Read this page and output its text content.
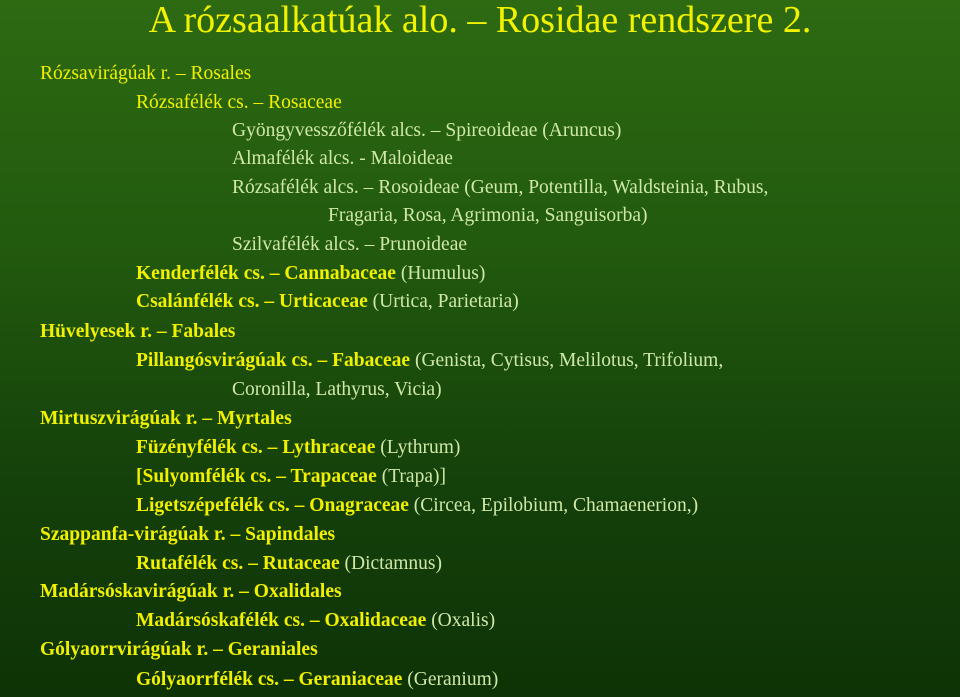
A rózsaalkatúak alo. – Rosidae rendszere 2.
Rózsavirágúak r. – Rosales
Rózsafélék cs. – Rosaceae
Gyöngyvesszőfélék alcs. – Spireoideae (Aruncus)
Almafélék alcs. - Maloideae
Rózsafélék alcs. – Rosoideae (Geum, Potentilla, Waldsteinia, Rubus,
Fragaria, Rosa, Agrimonia, Sanguisorba)
Szilvafélék alcs. – Prunoideae
Kenderfélék cs. – Cannabaceae (Humulus)
Csalánfélék cs. – Urticaceae (Urtica, Parietaria)
Hüvelyesek r. – Fabales
Pillangósvirágúak cs. – Fabaceae (Genista, Cytisus, Melilotus, Trifolium,
Coronilla, Lathyrus, Vicia)
Mirtuszvirágúak r. – Myrtales
Füzényfélék cs. – Lythraceae (Lythrum)
[Sulyomfélék cs. – Trapaceae (Trapa)]
Ligetszépefélék cs. – Onagraceae (Circea, Epilobium, Chamaenerion,)
Szappanfa-virágúak r. – Sapindales
Rutafélék cs. – Rutaceae (Dictamnus)
Madársóskavirágúak r. – Oxalidales
Madársóskafélék cs. – Oxalidaceae (Oxalis)
Gólyaorrvirágúak r. – Geraniales
Gólyaorrfélék cs. – Geraniaceae (Geranium)
